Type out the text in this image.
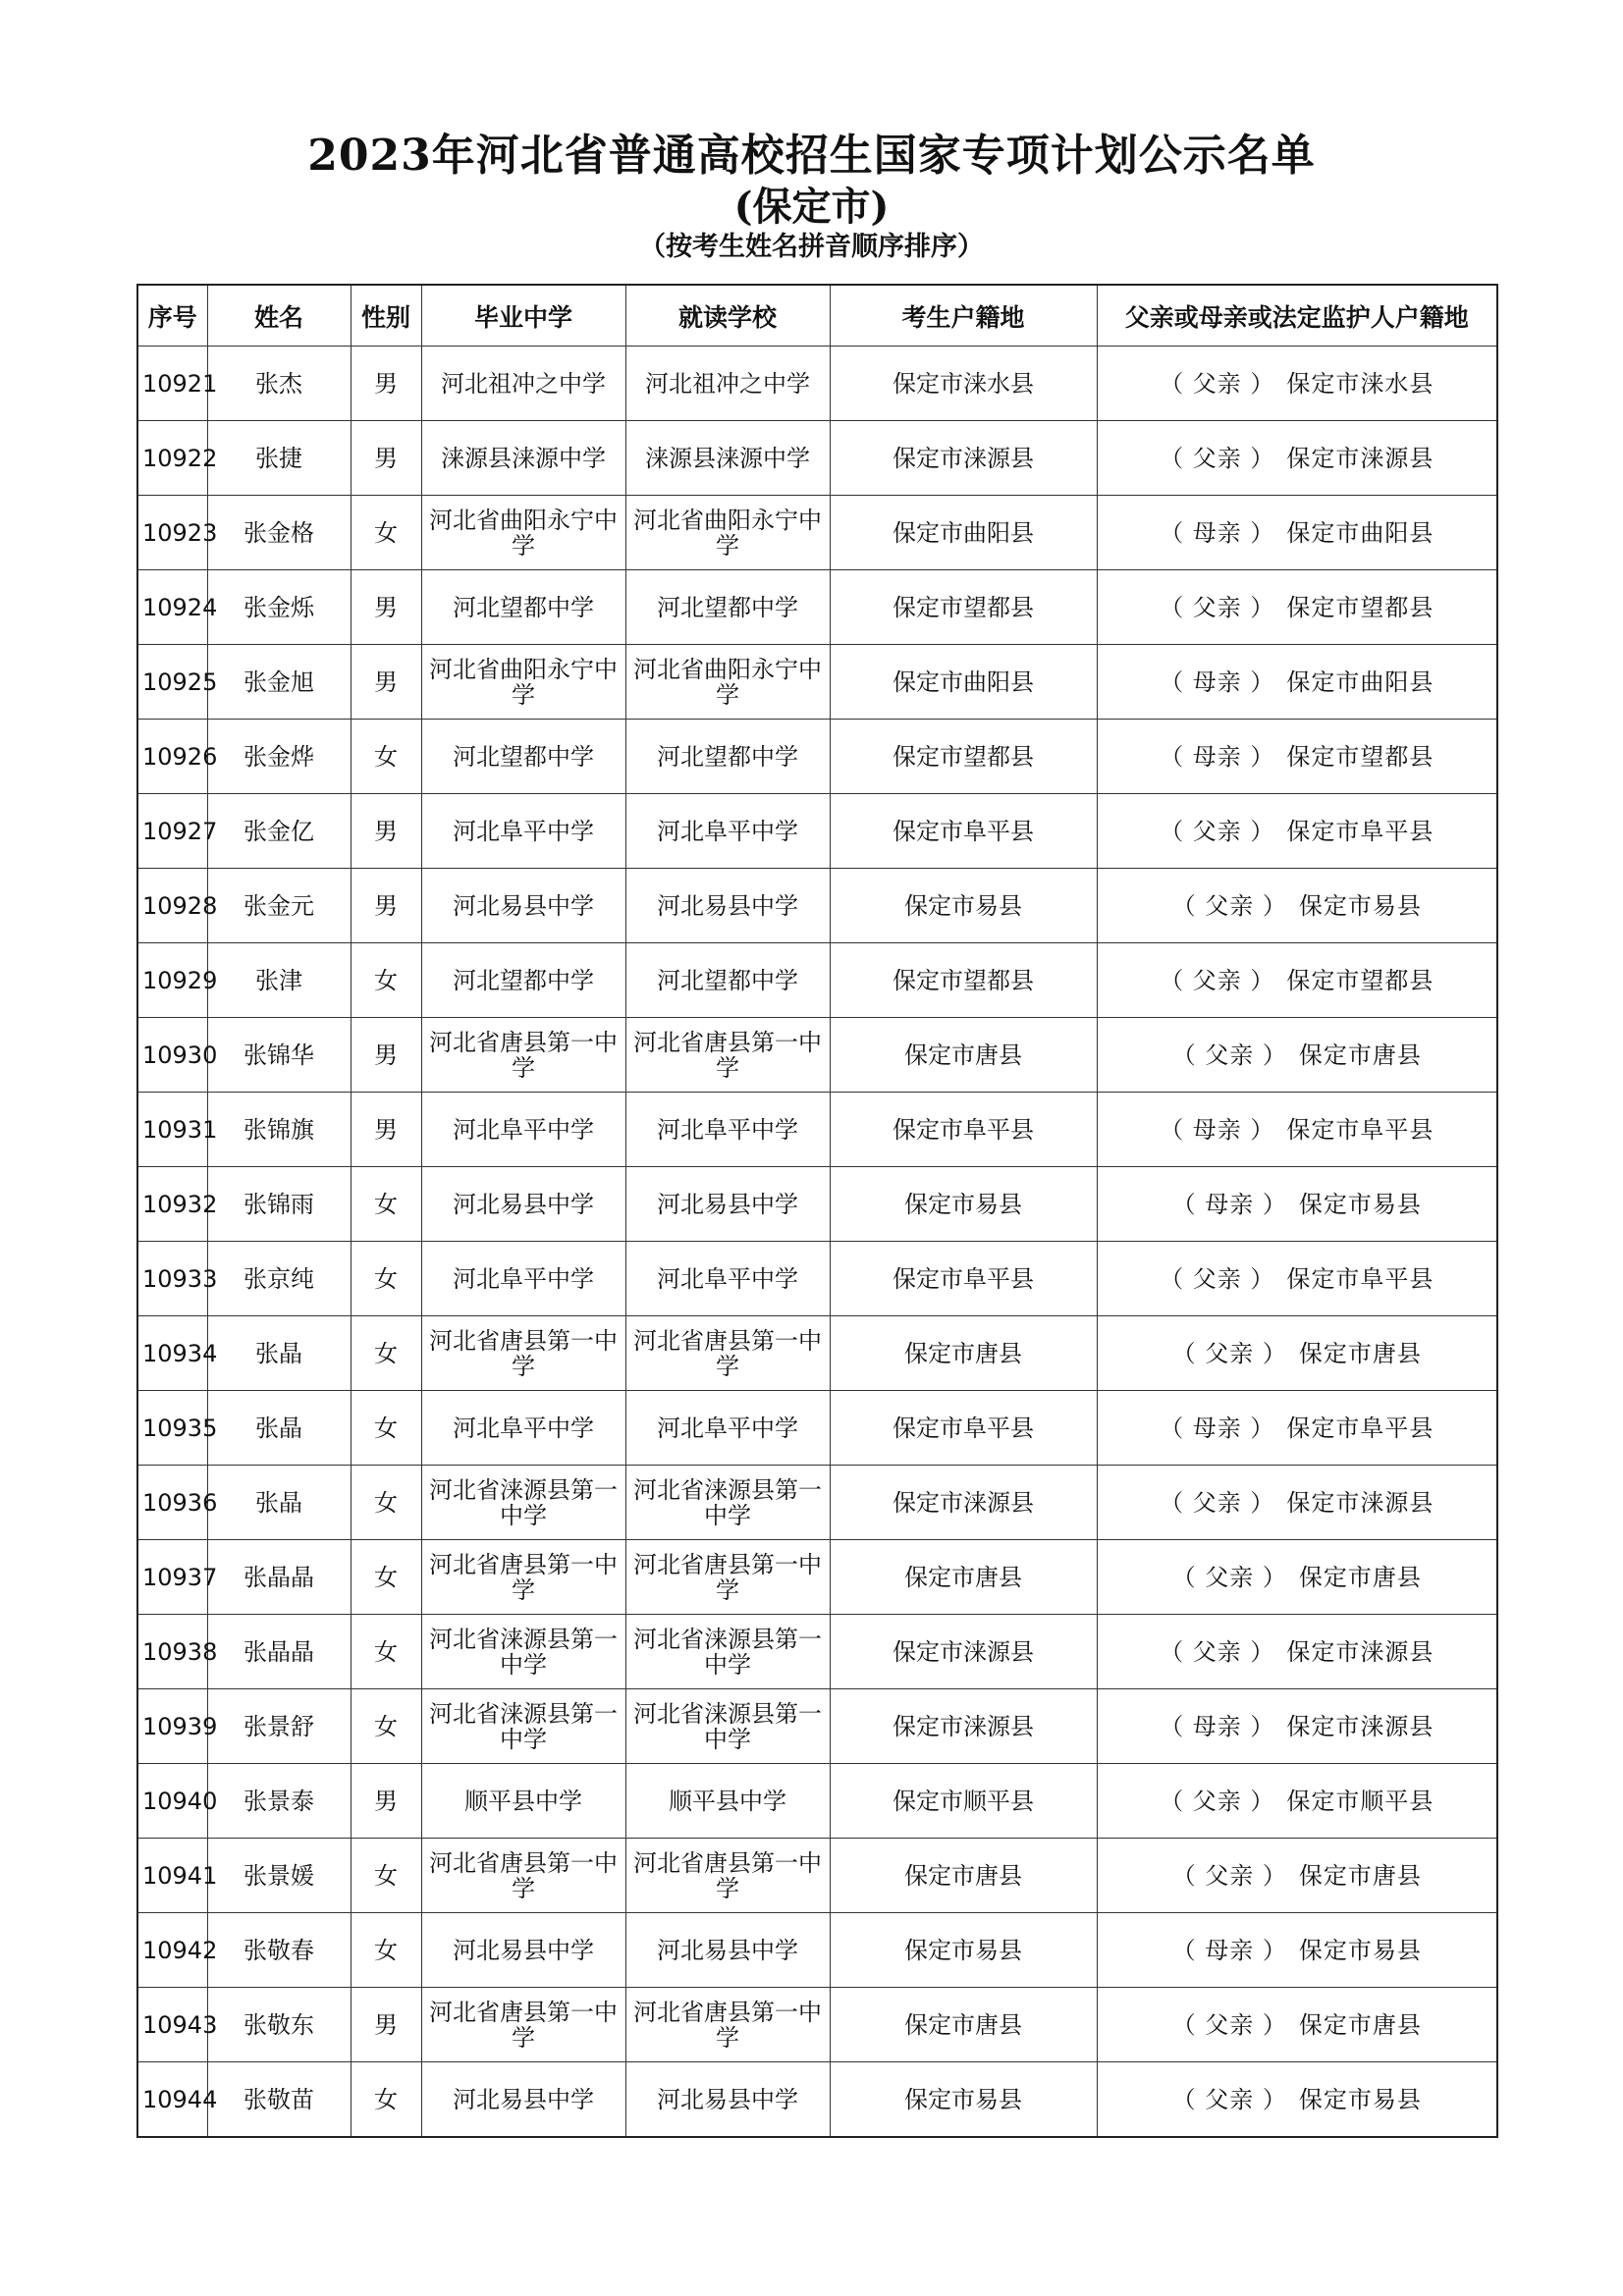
2023年河北省普通高校招生国家专项计划公示名单
(保定市)
（按考生姓名拼音顺序排序）
序号	姓名	性别	毕业中学	就读学校	考生户籍地	父亲或母亲或法定监护人户籍地
10921	张杰	男	河北祖冲之中学	河北祖冲之中学	保定市涞水县	（ 父亲 ） 保定市涞水县
10922	张捷	男	涞源县涞源中学	涞源县涞源中学	保定市涞源县	（ 父亲 ） 保定市涞源县
10923	张金格	女	河北省曲阳永宁中学	河北省曲阳永宁中学	保定市曲阳县	（ 母亲 ） 保定市曲阳县
10924	张金烁	男	河北望都中学	河北望都中学	保定市望都县	（ 父亲 ） 保定市望都县
10925	张金旭	男	河北省曲阳永宁中学	河北省曲阳永宁中学	保定市曲阳县	（ 母亲 ） 保定市曲阳县
10926	张金烨	女	河北望都中学	河北望都中学	保定市望都县	（ 母亲 ） 保定市望都县
10927	张金亿	男	河北阜平中学	河北阜平中学	保定市阜平县	（ 父亲 ） 保定市阜平县
10928	张金元	男	河北易县中学	河北易县中学	保定市易县	（ 父亲 ） 保定市易县
10929	张津	女	河北望都中学	河北望都中学	保定市望都县	（ 父亲 ） 保定市望都县
10930	张锦华	男	河北省唐县第一中学	河北省唐县第一中学	保定市唐县	（ 父亲 ） 保定市唐县
10931	张锦旗	男	河北阜平中学	河北阜平中学	保定市阜平县	（ 母亲 ） 保定市阜平县
10932	张锦雨	女	河北易县中学	河北易县中学	保定市易县	（ 母亲 ） 保定市易县
10933	张京纯	女	河北阜平中学	河北阜平中学	保定市阜平县	（ 父亲 ） 保定市阜平县
10934	张晶	女	河北省唐县第一中学	河北省唐县第一中学	保定市唐县	（ 父亲 ） 保定市唐县
10935	张晶	女	河北阜平中学	河北阜平中学	保定市阜平县	（ 母亲 ） 保定市阜平县
10936	张晶	女	河北省涞源县第一中学	河北省涞源县第一中学	保定市涞源县	（ 父亲 ） 保定市涞源县
10937	张晶晶	女	河北省唐县第一中学	河北省唐县第一中学	保定市唐县	（ 父亲 ） 保定市唐县
10938	张晶晶	女	河北省涞源县第一中学	河北省涞源县第一中学	保定市涞源县	（ 父亲 ） 保定市涞源县
10939	张景舒	女	河北省涞源县第一中学	河北省涞源县第一中学	保定市涞源县	（ 母亲 ） 保定市涞源县
10940	张景泰	男	顺平县中学	顺平县中学	保定市顺平县	（ 父亲 ） 保定市顺平县
10941	张景媛	女	河北省唐县第一中学	河北省唐县第一中学	保定市唐县	（ 父亲 ） 保定市唐县
10942	张敬春	女	河北易县中学	河北易县中学	保定市易县	（ 母亲 ） 保定市易县
10943	张敬东	男	河北省唐县第一中学	河北省唐县第一中学	保定市唐县	（ 父亲 ） 保定市唐县
10944	张敬苗	女	河北易县中学	河北易县中学	保定市易县	（ 父亲 ） 保定市易县
